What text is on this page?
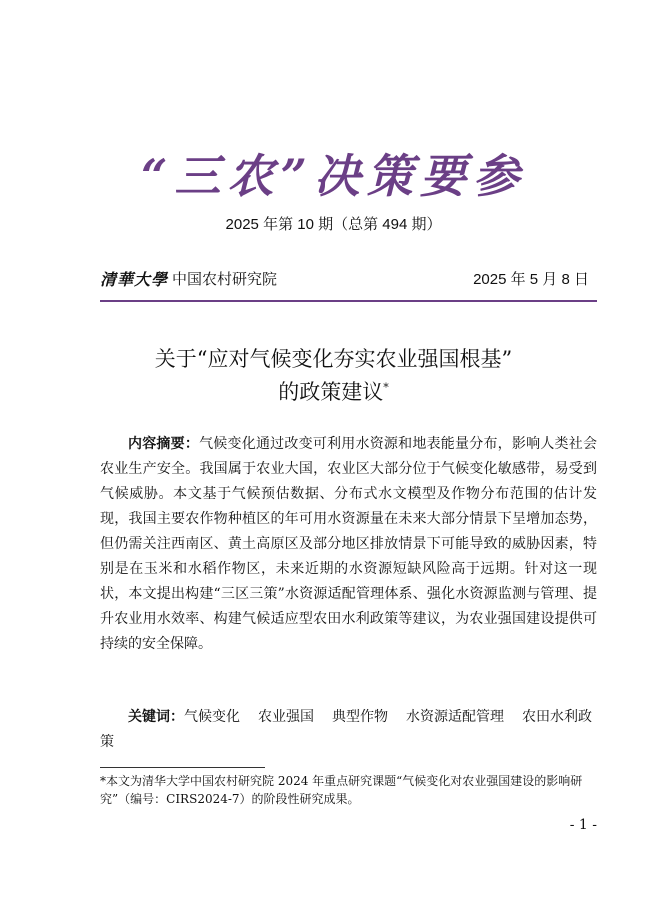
“三农”决策要参
2025 年第 10 期（总第 494 期）
清華大學 中国农村研究院	2025 年 5 月 8 日
关于“应对气候变化夯实农业强国根基”
的政策建议*

内容摘要：气候变化通过改变可利用水资源和地表能量分布，影响人类社会农业生产安全。我国属于农业大国，农业区大部分位于气候变化敏感带，易受到气候威胁。本文基于气候预估数据、分布式水文模型及作物分布范围的估计发现，我国主要农作物种植区的年可用水资源量在未来大部分情景下呈增加态势，但仍需关注西南区、黄土高原区及部分地区排放情景下可能导致的威胁因素，特别是在玉米和水稻作物区，未来近期的水资源短缺风险高于远期。针对这一现状，本文提出构建“三区三策”水资源适配管理体系、强化水资源监测与管理、提升农业用水效率、构建气候适应型农田水利政策等建议，为农业强国建设提供可持续的安全保障。

关键词：气候变化 农业强国 典型作物 水资源适配管理 农田水利政策

*本文为清华大学中国农村研究院 2024 年重点研究课题“气候变化对农业强国建设的影响研究”（编号：CIRS2024-7）的阶段性研究成果。

- 1 -
